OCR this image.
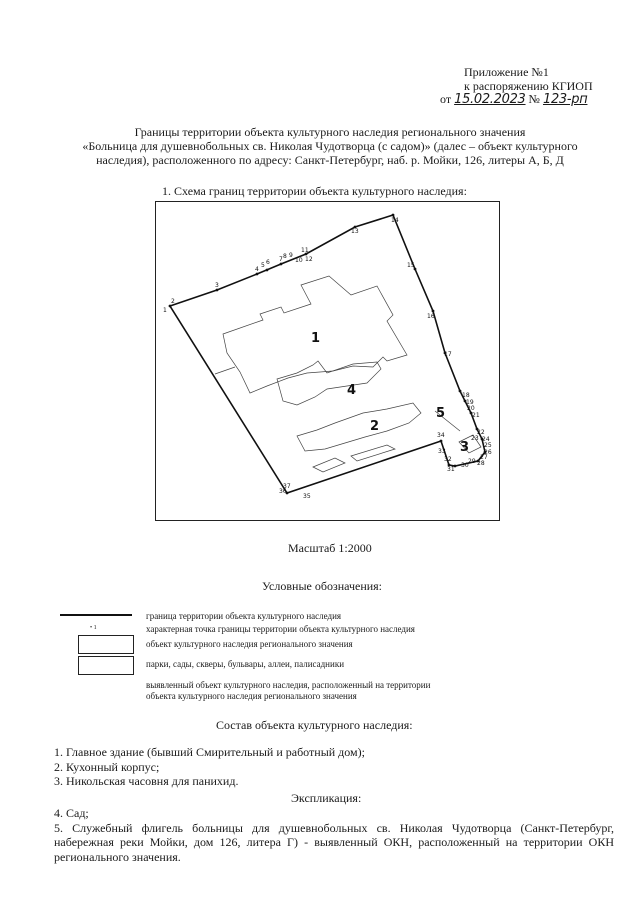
Приложение №1
к распоряжению КГИОП
от 15.02.2023 № 123-рп
Границы территории объекта культурного наследия регионального значения
«Больница для душевнобольных св. Николая Чудотворца (с садом)» (далес – объект культурного
наследия), расположенного по адресу: Санкт-Петербург, наб. р. Мойки, 126, литеры А, Б, Д
1. Схема границ территории объекта культурного наследия:
1
2
3
4
5 6 7 8 9
10
11
12
13
14
15
16
17
18
19
20
21
22
23 24
25
26
27
28
29
30
31
32
33
34
35
36
37
1
2
3
4
5
Масштаб 1:2000
Условные обозначения:
граница территории объекта культурного наследия
• 1	характерная точка границы территории объекта культурного наследия
объект культурного наследия регионального значения
парки, сады, скверы, бульвары, аллеи, палисадники
выявленный объект культурного наследия, расположенный на территории
объекта культурного наследия регионального значения
Состав объекта культурного наследия:
1. Главное здание (бывший Смирительный и работный дом);
2. Кухонный корпус;
3. Никольская часовня для панихид.
Экспликация:
4. Сад;
5. Служебный флигель больницы для душевнобольных св. Николая Чудотворца (Санкт-Петербург, набережная реки Мойки, дом 126, литера Г) - выявленный ОКН, расположенный на территории ОКН регионального значения.
